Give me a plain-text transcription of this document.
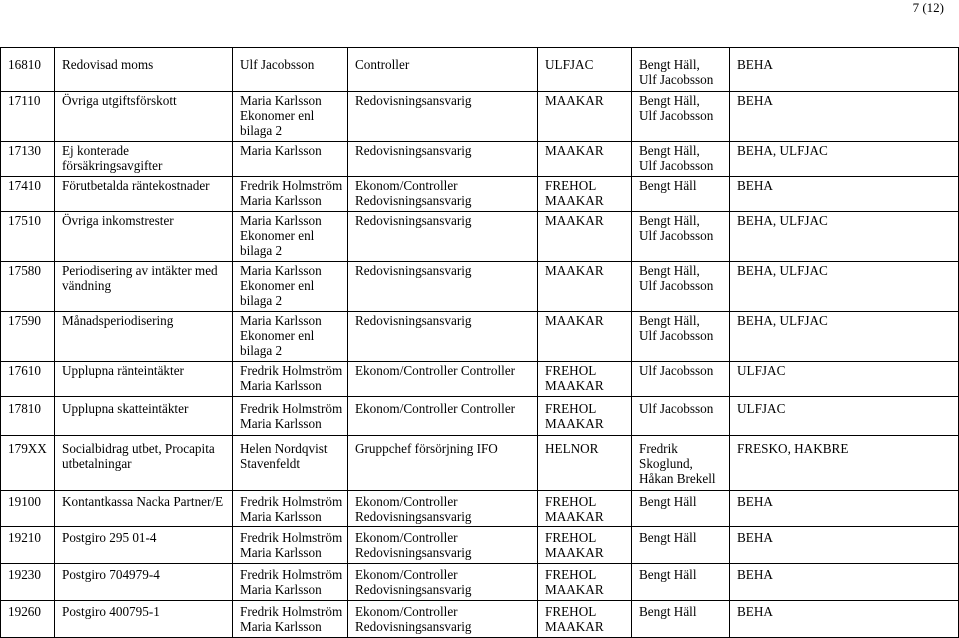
7 (12)
16810	Redovisad moms	Ulf Jacobsson	Controller	ULFJAC	Bengt Häll,
Ulf Jacobsson	BEHA
17110	Övriga utgiftsförskott	Maria Karlsson
Ekonomer enl
bilaga 2	Redovisningsansvarig	MAAKAR	Bengt Häll,
Ulf Jacobsson	BEHA
17130	Ej konterade
försäkringsavgifter	Maria Karlsson	Redovisningsansvarig	MAAKAR	Bengt Häll,
Ulf Jacobsson	BEHA, ULFJAC
17410	Förutbetalda räntekostnader	Fredrik Holmström
Maria Karlsson	Ekonom/Controller
Redovisningsansvarig	FREHOL
MAAKAR	Bengt Häll	BEHA
17510	Övriga inkomstrester	Maria Karlsson
Ekonomer enl
bilaga 2	Redovisningsansvarig	MAAKAR	Bengt Häll,
Ulf Jacobsson	BEHA, ULFJAC
17580	Periodisering av intäkter med
vändning	Maria Karlsson
Ekonomer enl
bilaga 2	Redovisningsansvarig	MAAKAR	Bengt Häll,
Ulf Jacobsson	BEHA, ULFJAC
17590	Månadsperiodisering	Maria Karlsson
Ekonomer enl
bilaga 2	Redovisningsansvarig	MAAKAR	Bengt Häll,
Ulf Jacobsson	BEHA, ULFJAC
17610	Upplupna ränteintäkter	Fredrik Holmström
Maria Karlsson	Ekonom/Controller Controller	FREHOL
MAAKAR	Ulf Jacobsson	ULFJAC
17810	Upplupna skatteintäkter	Fredrik Holmström
Maria Karlsson	Ekonom/Controller Controller	FREHOL
MAAKAR	Ulf Jacobsson	ULFJAC
179XX	Socialbidrag utbet, Procapita
utbetalningar	Helen Nordqvist
Stavenfeldt	Gruppchef försörjning IFO	HELNOR	Fredrik
Skoglund,
Håkan Brekell	FRESKO, HAKBRE
19100	Kontantkassa Nacka Partner/E	Fredrik Holmström
Maria Karlsson	Ekonom/Controller
Redovisningsansvarig	FREHOL
MAAKAR	Bengt Häll	BEHA
19210	Postgiro 295 01-4	Fredrik Holmström
Maria Karlsson	Ekonom/Controller
Redovisningsansvarig	FREHOL
MAAKAR	Bengt Häll	BEHA
19230	Postgiro 704979-4	Fredrik Holmström
Maria Karlsson	Ekonom/Controller
Redovisningsansvarig	FREHOL
MAAKAR	Bengt Häll	BEHA
19260	Postgiro 400795-1	Fredrik Holmström
Maria Karlsson	Ekonom/Controller
Redovisningsansvarig	FREHOL
MAAKAR	Bengt Häll	BEHA
